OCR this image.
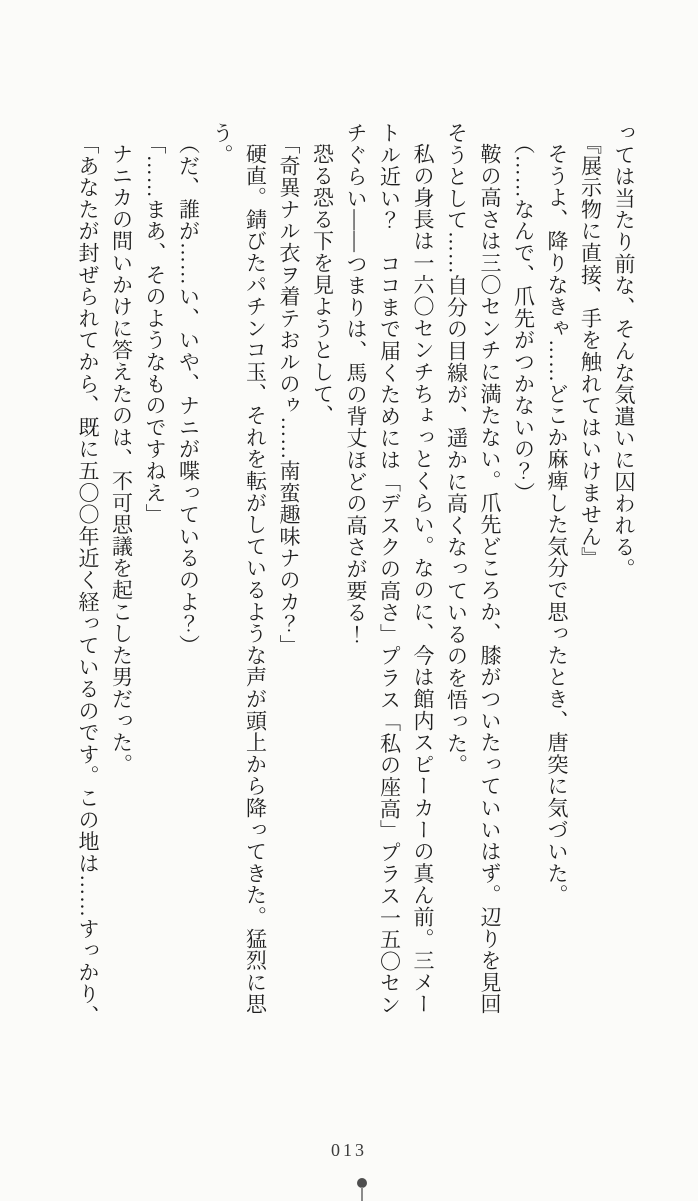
っては当たり前な、そんな気遣いに囚われる。

『展示物に直接、手を触れてはいけません』

そうよ、降りなきゃ……どこか麻痺した気分で思ったとき、唐突に気づいた。

（……なんで、爪先がつかないの？）

鞍の高さは三〇センチに満たない。爪先どころか、膝がついたっていいはず。辺りを見回そうとして……自分の目線が、遥かに高くなっているのを悟った。

私の身長は一六〇センチちょっとくらい。なのに、今は館内スピーカーの真ん前。三メートル近い？　ココまで届くためには「デスクの高さ」プラス「私の座高」プラス一五〇センチぐらい――つまりは、馬の背丈ほどの高さが要る！

恐る恐る下を見ようとして、

「奇異ナル衣ヲ着テおルのゥ……南蛮趣味ナのカ？」

硬直。錆びたパチンコ玉、それを転がしているような声が頭上から降ってきた。猛烈に思う。

（だ、誰が……い、いや、ナニが喋っているのよ？）

「……まあ、そのようなものですねえ」

ナニカの問いかけに答えたのは、不可思議を起こした男だった。

「あなたが封ぜられてから、既に五〇〇年近く経っているのです。この地は……すっかり、

013
